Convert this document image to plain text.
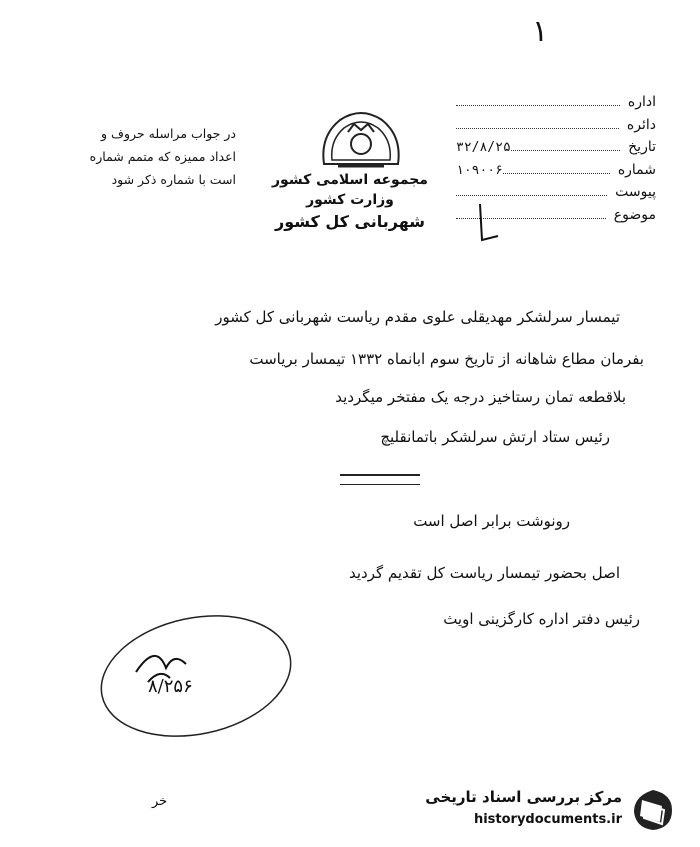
۱
اداره
دائره
تاریخ
۳۲/۸/۲۵
شماره
۱۰۹۰۰۶
پیوست
موضوع
در جواب مراسله حروف و
اعداد ممیزه که متمم شماره
است با شماره ذکر شود	مجموعه اسلامی کشور
وزارت کشور
شهربانی کل کشور
تیمسار سرلشکر مهدیقلی علوی مقدم ریاست شهربانی کل کشور
بفرمان مطاع شاهانه از تاریخ سوم ابانماه ۱۳۳۲ تیمسار بریاست
بلاقطعه تمان رستاخیز درجه یک مفتخر میگردید
رئیس ستاد ارتش سرلشکر باتمانقلیچ
رونوشت برابر اصل است
اصل بحضور تیمسار ریاست کل تقدیم گردید
رئیس دفتر اداره کارگزینی اویث
۸/۲۵۶
خر	مرکز بررسی اسناد تاریخی
historydocuments.ir
